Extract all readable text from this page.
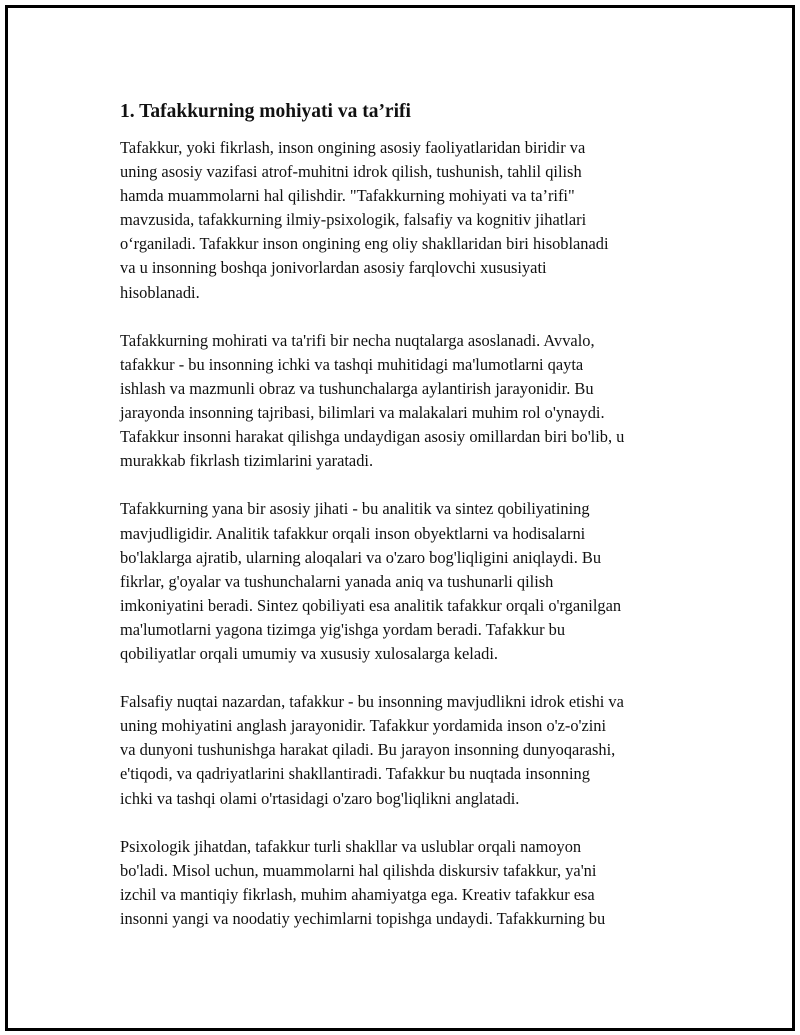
1. Tafakkurning mohiyati va ta’rifi
Tafakkur, yoki fikrlash, inson ongining asosiy faoliyatlaridan biridir va
uning asosiy vazifasi atrof-muhitni idrok qilish, tushunish, tahlil qilish
hamda muammolarni hal qilishdir. "Tafakkurning mohiyati va ta’rifi"
mavzusida, tafakkurning ilmiy-psixologik, falsafiy va kognitiv jihatlari
o‘rganiladi. Tafakkur inson ongining eng oliy shakllaridan biri hisoblanadi
va u insonning boshqa jonivorlardan asosiy farqlovchi xususiyati
hisoblanadi.
Tafakkurning mohirati va ta'rifi bir necha nuqtalarga asoslanadi. Avvalo,
tafakkur - bu insonning ichki va tashqi muhitidagi ma'lumotlarni qayta
ishlash va mazmunli obraz va tushunchalarga aylantirish jarayonidir. Bu
jarayonda insonning tajribasi, bilimlari va malakalari muhim rol o'ynaydi.
Tafakkur insonni harakat qilishga undaydigan asosiy omillardan biri bo'lib, u
murakkab fikrlash tizimlarini yaratadi.
Tafakkurning yana bir asosiy jihati - bu analitik va sintez qobiliyatining
mavjudligidir. Analitik tafakkur orqali inson obyektlarni va hodisalarni
bo'laklarga ajratib, ularning aloqalari va o'zaro bog'liqligini aniqlaydi. Bu
fikrlar, g'oyalar va tushunchalarni yanada aniq va tushunarli qilish
imkoniyatini beradi. Sintez qobiliyati esa analitik tafakkur orqali o'rganilgan
ma'lumotlarni yagona tizimga yig'ishga yordam beradi. Tafakkur bu
qobiliyatlar orqali umumiy va xususiy xulosalarga keladi.
Falsafiy nuqtai nazardan, tafakkur - bu insonning mavjudlikni idrok etishi va
uning mohiyatini anglash jarayonidir. Tafakkur yordamida inson o'z-o'zini
va dunyoni tushunishga harakat qiladi. Bu jarayon insonning dunyoqarashi,
e'tiqodi, va qadriyatlarini shakllantiradi. Tafakkur bu nuqtada insonning
ichki va tashqi olami o'rtasidagi o'zaro bog'liqlikni anglatadi.
Psixologik jihatdan, tafakkur turli shakllar va uslublar orqali namoyon
bo'ladi. Misol uchun, muammolarni hal qilishda diskursiv tafakkur, ya'ni
izchil va mantiqiy fikrlash, muhim ahamiyatga ega. Kreativ tafakkur esa
insonni yangi va noodatiy yechimlarni topishga undaydi. Tafakkurning bu
